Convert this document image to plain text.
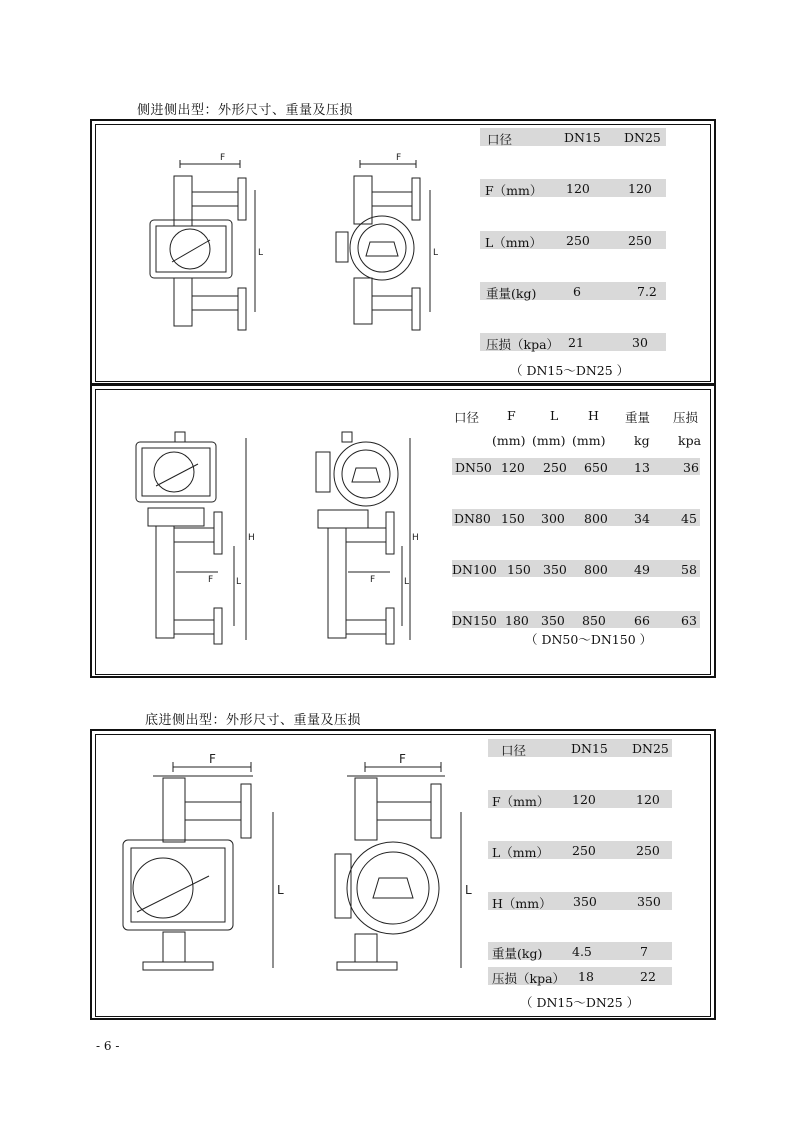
侧进侧出型：外形尺寸、重量及压损
F
L
F
L
口径	DN15 DN25
F（mm） 120	120
L（mm） 250	250
重量(kg)	6	7.2
压损（kpa） 21	30
（ DN15～DN25 ）
F	L
H
F	L
H
口径 F	L H 重量 压损
(mm) (mm) (mm) kg kpa
DN50 120 250 650 13	36
DN80 150 300 800 34 45
DN100 150 350 800 49 58
DN150 180 350 850 66 63
（ DN50～DN150 ）
底进侧出型：外形尺寸、重量及压损
F
L
F
L
口径	DN15 DN25
F（mm） 120	120
L（mm） 250	250
H（mm） 350	350
重量(kg) 4.5	7
压损（kpa） 18	22
（ DN15～DN25 ）
- 6 -
